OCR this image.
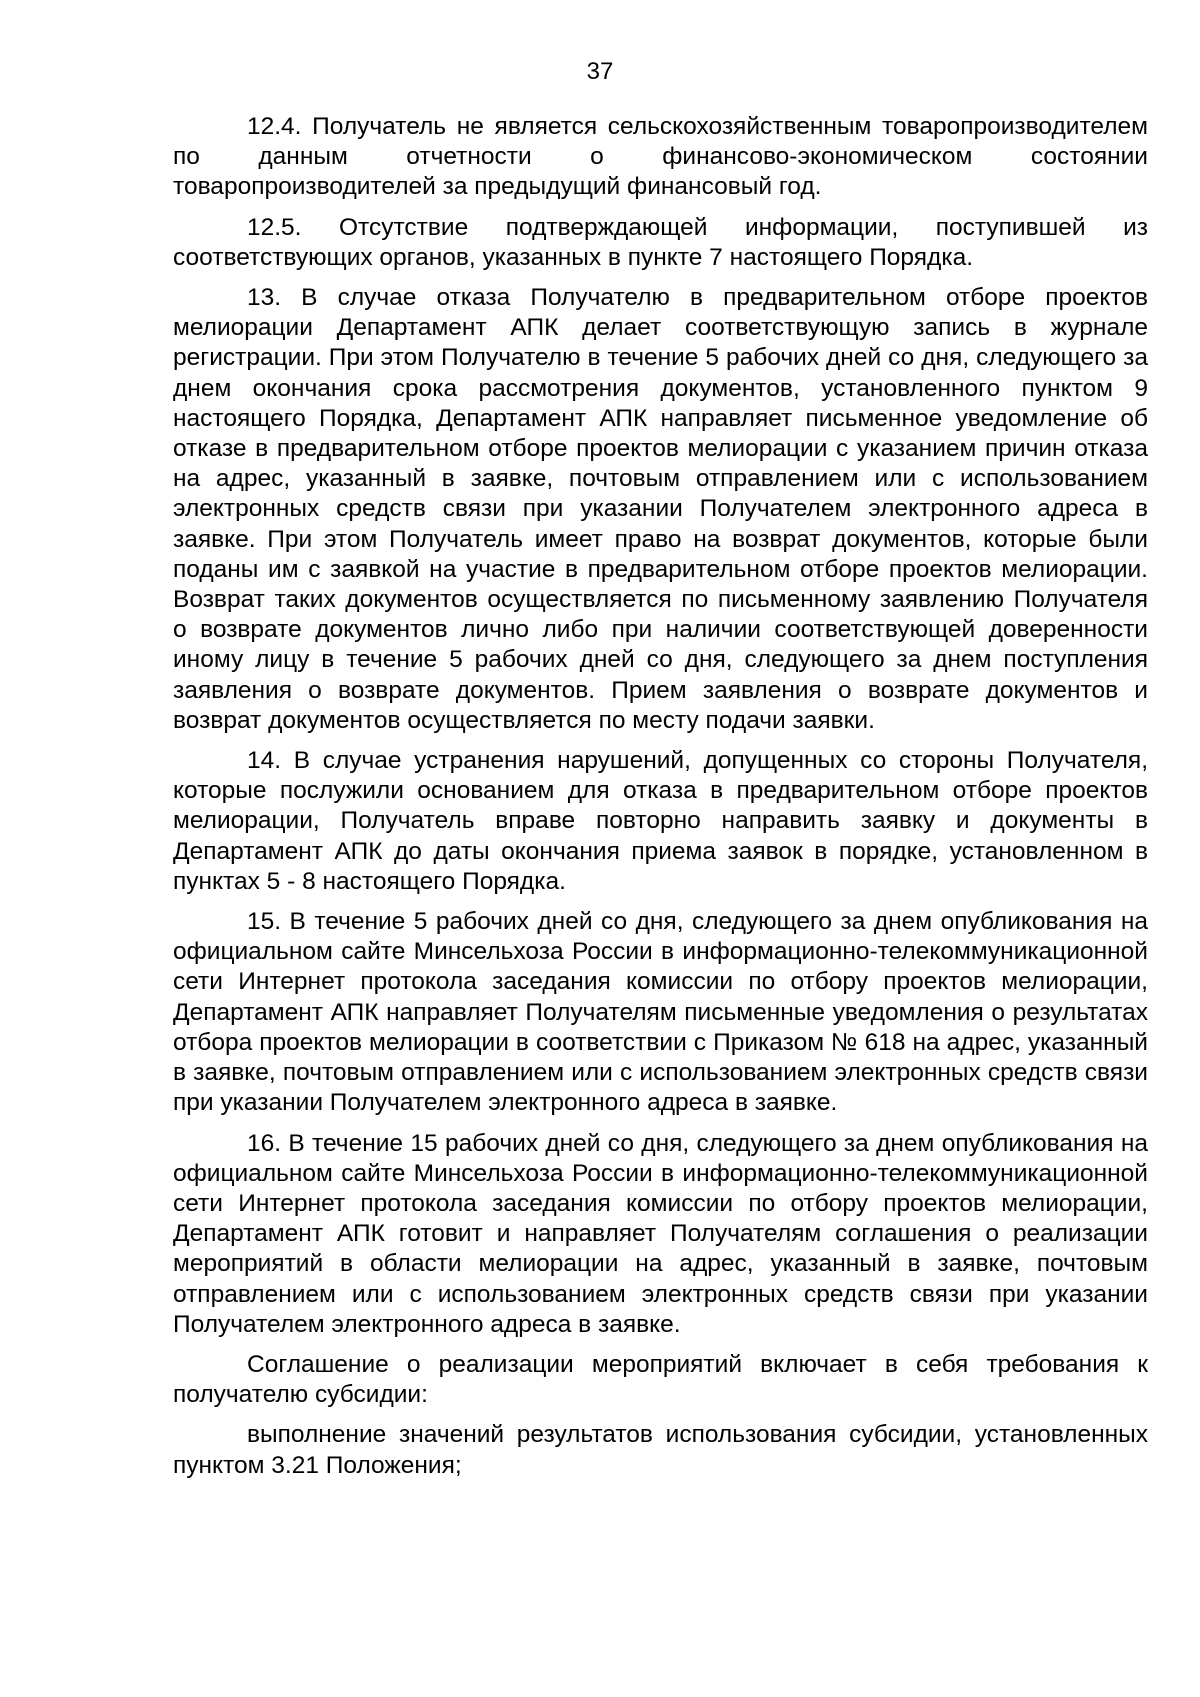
37

12.4. Получатель не является сельскохозяйственным товаропроизводителем по данным отчетности о финансово-экономическом состоянии товаропроизводителей за предыдущий финансовый год.

12.5. Отсутствие подтверждающей информации, поступившей из соответствующих органов, указанных в пункте 7 настоящего Порядка.

13. В случае отказа Получателю в предварительном отборе проектов мелиорации Департамент АПК делает соответствующую запись в журнале регистрации. При этом Получателю в течение 5 рабочих дней со дня, следующего за днем окончания срока рассмотрения документов, установленного пунктом 9 настоящего Порядка, Департамент АПК направляет письменное уведомление об отказе в предварительном отборе проектов мелиорации с указанием причин отказа на адрес, указанный в заявке, почтовым отправлением или с использованием электронных средств связи при указании Получателем электронного адреса в заявке. При этом Получатель имеет право на возврат документов, которые были поданы им с заявкой на участие в предварительном отборе проектов мелиорации. Возврат таких документов осуществляется по письменному заявлению Получателя о возврате документов лично либо при наличии соответствующей доверенности иному лицу в течение 5 рабочих дней со дня, следующего за днем поступления заявления о возврате документов. Прием заявления о возврате документов и возврат документов осуществляется по месту подачи заявки.

14. В случае устранения нарушений, допущенных со стороны Получателя, которые послужили основанием для отказа в предварительном отборе проектов мелиорации, Получатель вправе повторно направить заявку и документы в Департамент АПК до даты окончания приема заявок в порядке, установленном в пунктах 5 - 8 настоящего Порядка.

15. В течение 5 рабочих дней со дня, следующего за днем опубликования на официальном сайте Минсельхоза России в информационно-телекоммуникационной сети Интернет протокола заседания комиссии по отбору проектов мелиорации, Департамент АПК направляет Получателям письменные уведомления о результатах отбора проектов мелиорации в соответствии с Приказом № 618 на адрес, указанный в заявке, почтовым отправлением или с использованием электронных средств связи при указании Получателем электронного адреса в заявке.

16. В течение 15 рабочих дней со дня, следующего за днем опубликования на официальном сайте Минсельхоза России в информационно-телекоммуникационной сети Интернет протокола заседания комиссии по отбору проектов мелиорации, Департамент АПК готовит и направляет Получателям соглашения о реализации мероприятий в области мелиорации на адрес, указанный в заявке, почтовым отправлением или с использованием электронных средств связи при указании Получателем электронного адреса в заявке.

Соглашение о реализации мероприятий включает в себя требования к получателю субсидии:

выполнение значений результатов использования субсидии, установленных пунктом 3.21 Положения;
